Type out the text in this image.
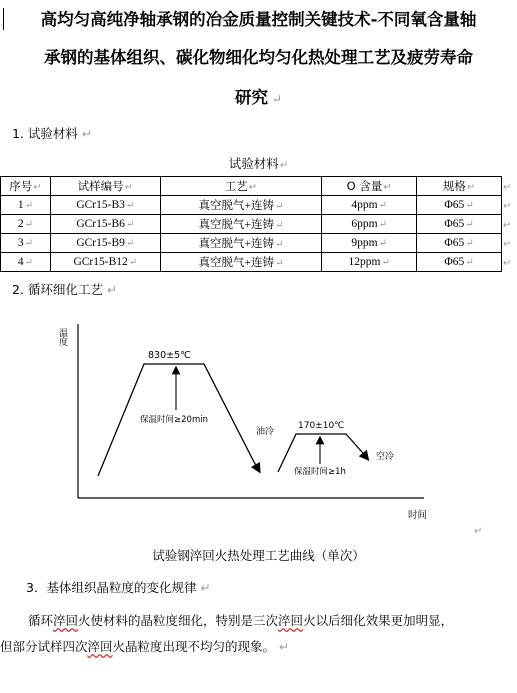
高均匀高纯净轴承钢的冶金质量控制关键技术-不同氧含量轴
承钢的基体组织、碳化物细化均匀化热处理工艺及疲劳寿命
研究 ↵
1. 试验材料 ↵
试验材料↵
序号↵	试样编号↵	工艺↵	O 含量↵	规格↵
1↵	GCr15-B3↵	真空脱气+连铸↵	4ppm↵	Φ65↵
2↵	GCr15-B6↵	真空脱气+连铸↵	6ppm↵	Φ65↵
3↵	GCr15-B9↵	真空脱气+连铸↵	9ppm↵	Φ65↵
4↵	GCr15-B12↵	真空脱气+连铸↵	12ppm↵	Φ65↵
↵
↵
↵
↵
↵
2. 循环细化工艺 ↵
温度
时间
830±5℃
保温时间≥20min
油冷
170±10℃
保温时间≥1h
空冷
↵
试验钢淬回火热处理工艺曲线（单次）
3．基体组织晶粒度的变化规律 ↵
循环淬回火使材料的晶粒度细化，特别是三次淬回火以后细化效果更加明显，
但部分试样四次淬回火晶粒度出现不均匀的现象。 ↵
